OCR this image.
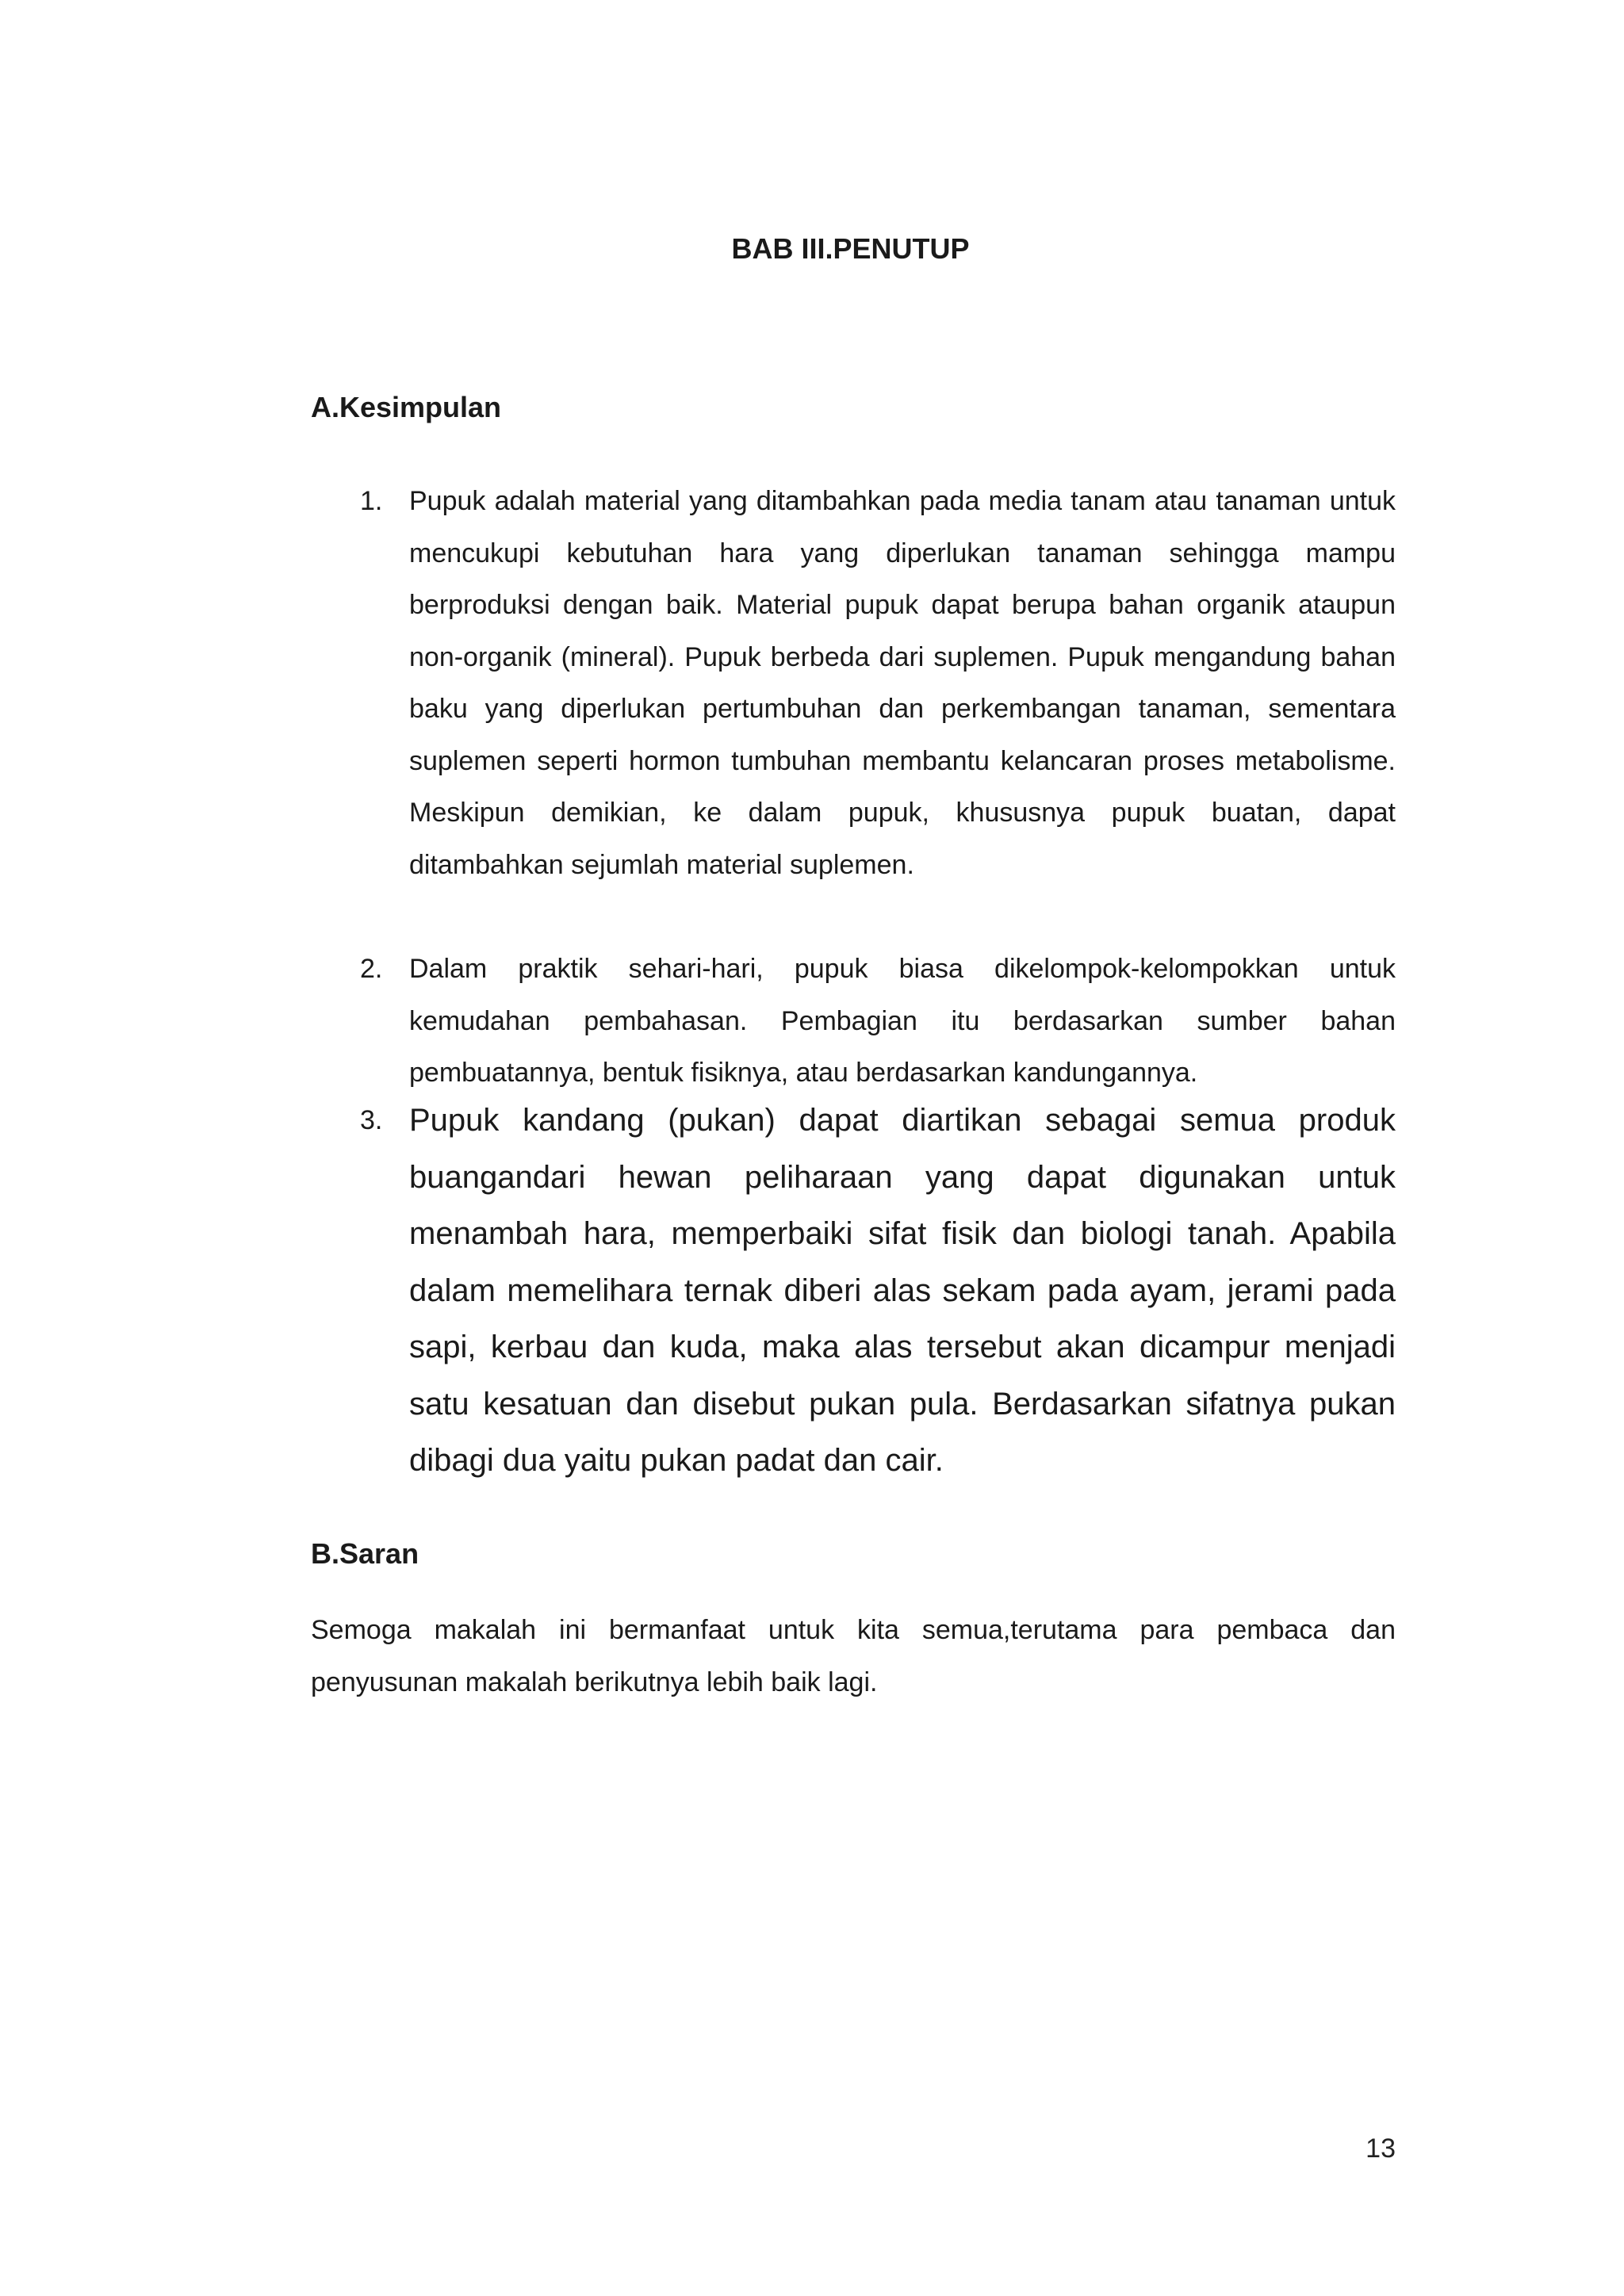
BAB III.PENUTUP
A.Kesimpulan
1. Pupuk adalah material yang ditambahkan pada media tanam atau tanaman untuk mencukupi kebutuhan hara yang diperlukan tanaman sehingga mampu berproduksi dengan baik. Material pupuk dapat berupa bahan organik ataupun non-organik (mineral). Pupuk berbeda dari suplemen. Pupuk mengandung bahan baku yang diperlukan pertumbuhan dan perkembangan tanaman, sementara suplemen seperti hormon tumbuhan membantu kelancaran proses metabolisme. Meskipun demikian, ke dalam pupuk, khususnya pupuk buatan, dapat ditambahkan sejumlah material suplemen.
2. Dalam praktik sehari-hari, pupuk biasa dikelompok-kelompokkan untuk kemudahan pembahasan. Pembagian itu berdasarkan sumber bahan pembuatannya, bentuk fisiknya, atau berdasarkan kandungannya.
3. Pupuk kandang (pukan) dapat diartikan sebagai semua produk buangandari hewan peliharaan yang dapat digunakan untuk menambah hara, memperbaiki sifat fisik dan biologi tanah. Apabila dalam memelihara ternak diberi alas sekam pada ayam, jerami pada sapi, kerbau dan kuda, maka alas tersebut akan dicampur menjadi satu kesatuan dan disebut pukan pula. Berdasarkan sifatnya pukan dibagi dua yaitu pukan padat dan cair.
B.Saran

Semoga makalah ini bermanfaat untuk kita semua,terutama para pembaca dan penyusunan makalah berikutnya lebih baik lagi.

13
